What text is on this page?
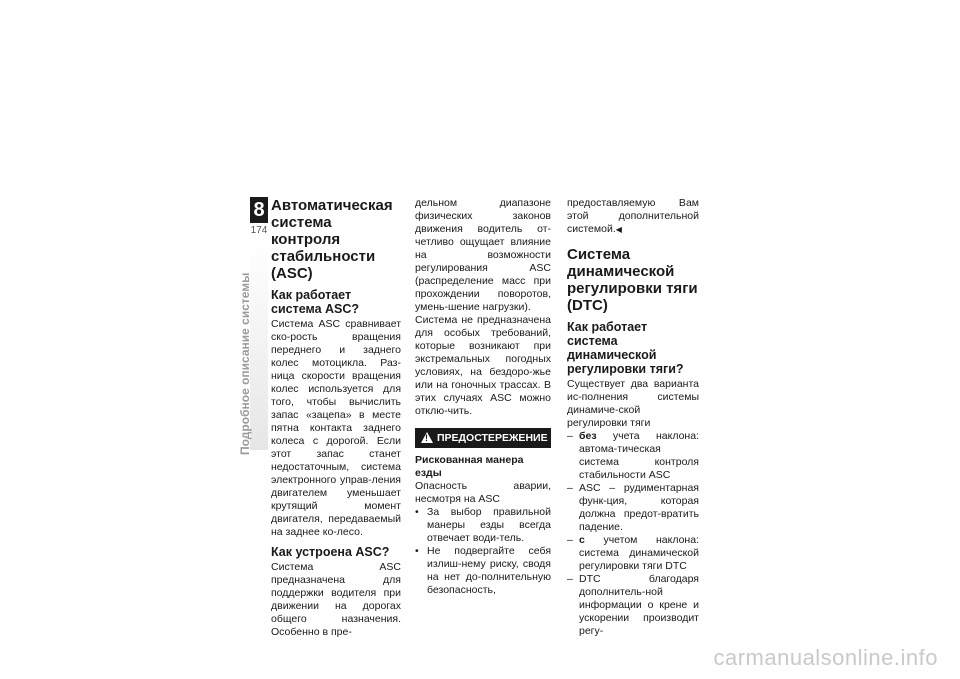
8
174
Подробное описание системы
Автоматическая система контроля стабильности (ASC)
Как работает система ASC?

Система ASC сравнивает ско-рость вращения переднего и заднего колес мотоцикла. Раз-ница скорости вращения колес используется для того, чтобы вычислить запас «зацепа» в месте пятна контакта заднего колеса с дорогой. Если этот запас станет недостаточным, система электронного управ-ления двигателем уменьшает крутящий момент двигателя, передаваемый на заднее ко-лесо.

Как устроена ASC?

Система ASC предназначена для поддержки водителя при движении на дорогах общего назначения. Особенно в пре-

дельном диапазоне физических законов движения водитель от-четливо ощущает влияние на возможности регулирования ASC (распределение масс при прохождении поворотов, умень-шение нагрузки).

Система не предназначена для особых требований, которые возникают при экстремальных погодных условиях, на бездоро-жье или на гоночных трассах. В этих случаях ASC можно отклю-чить.

!
ПРЕДОСТЕРЕЖЕНИЕ
Рискованная манера езды

Опасность аварии, несмотря на ASC

• За выбор правильной манеры езды всегда отвечает води-тель.
• Не подвергайте себя излиш-нему риску, сводя на нет до-полнительную безопасность,

предоставляемую Вам этой дополнительной системой.◀

Система динамической регулировки тяги (DTC)
Как работает система динамической регулировки тяги?

Существует два варианта ис-полнения системы динамиче-ской регулировки тяги

– без учета наклона: автома-тическая система контроля стабильности ASC
– ASC – рудиментарная функ-ция, которая должна предот-вратить падение.
– с учетом наклона: система динамической регулировки тяги DTC
– DTC благодаря дополнитель-ной информации о крене и ускорении производит регу-
carmanualsonline.info
